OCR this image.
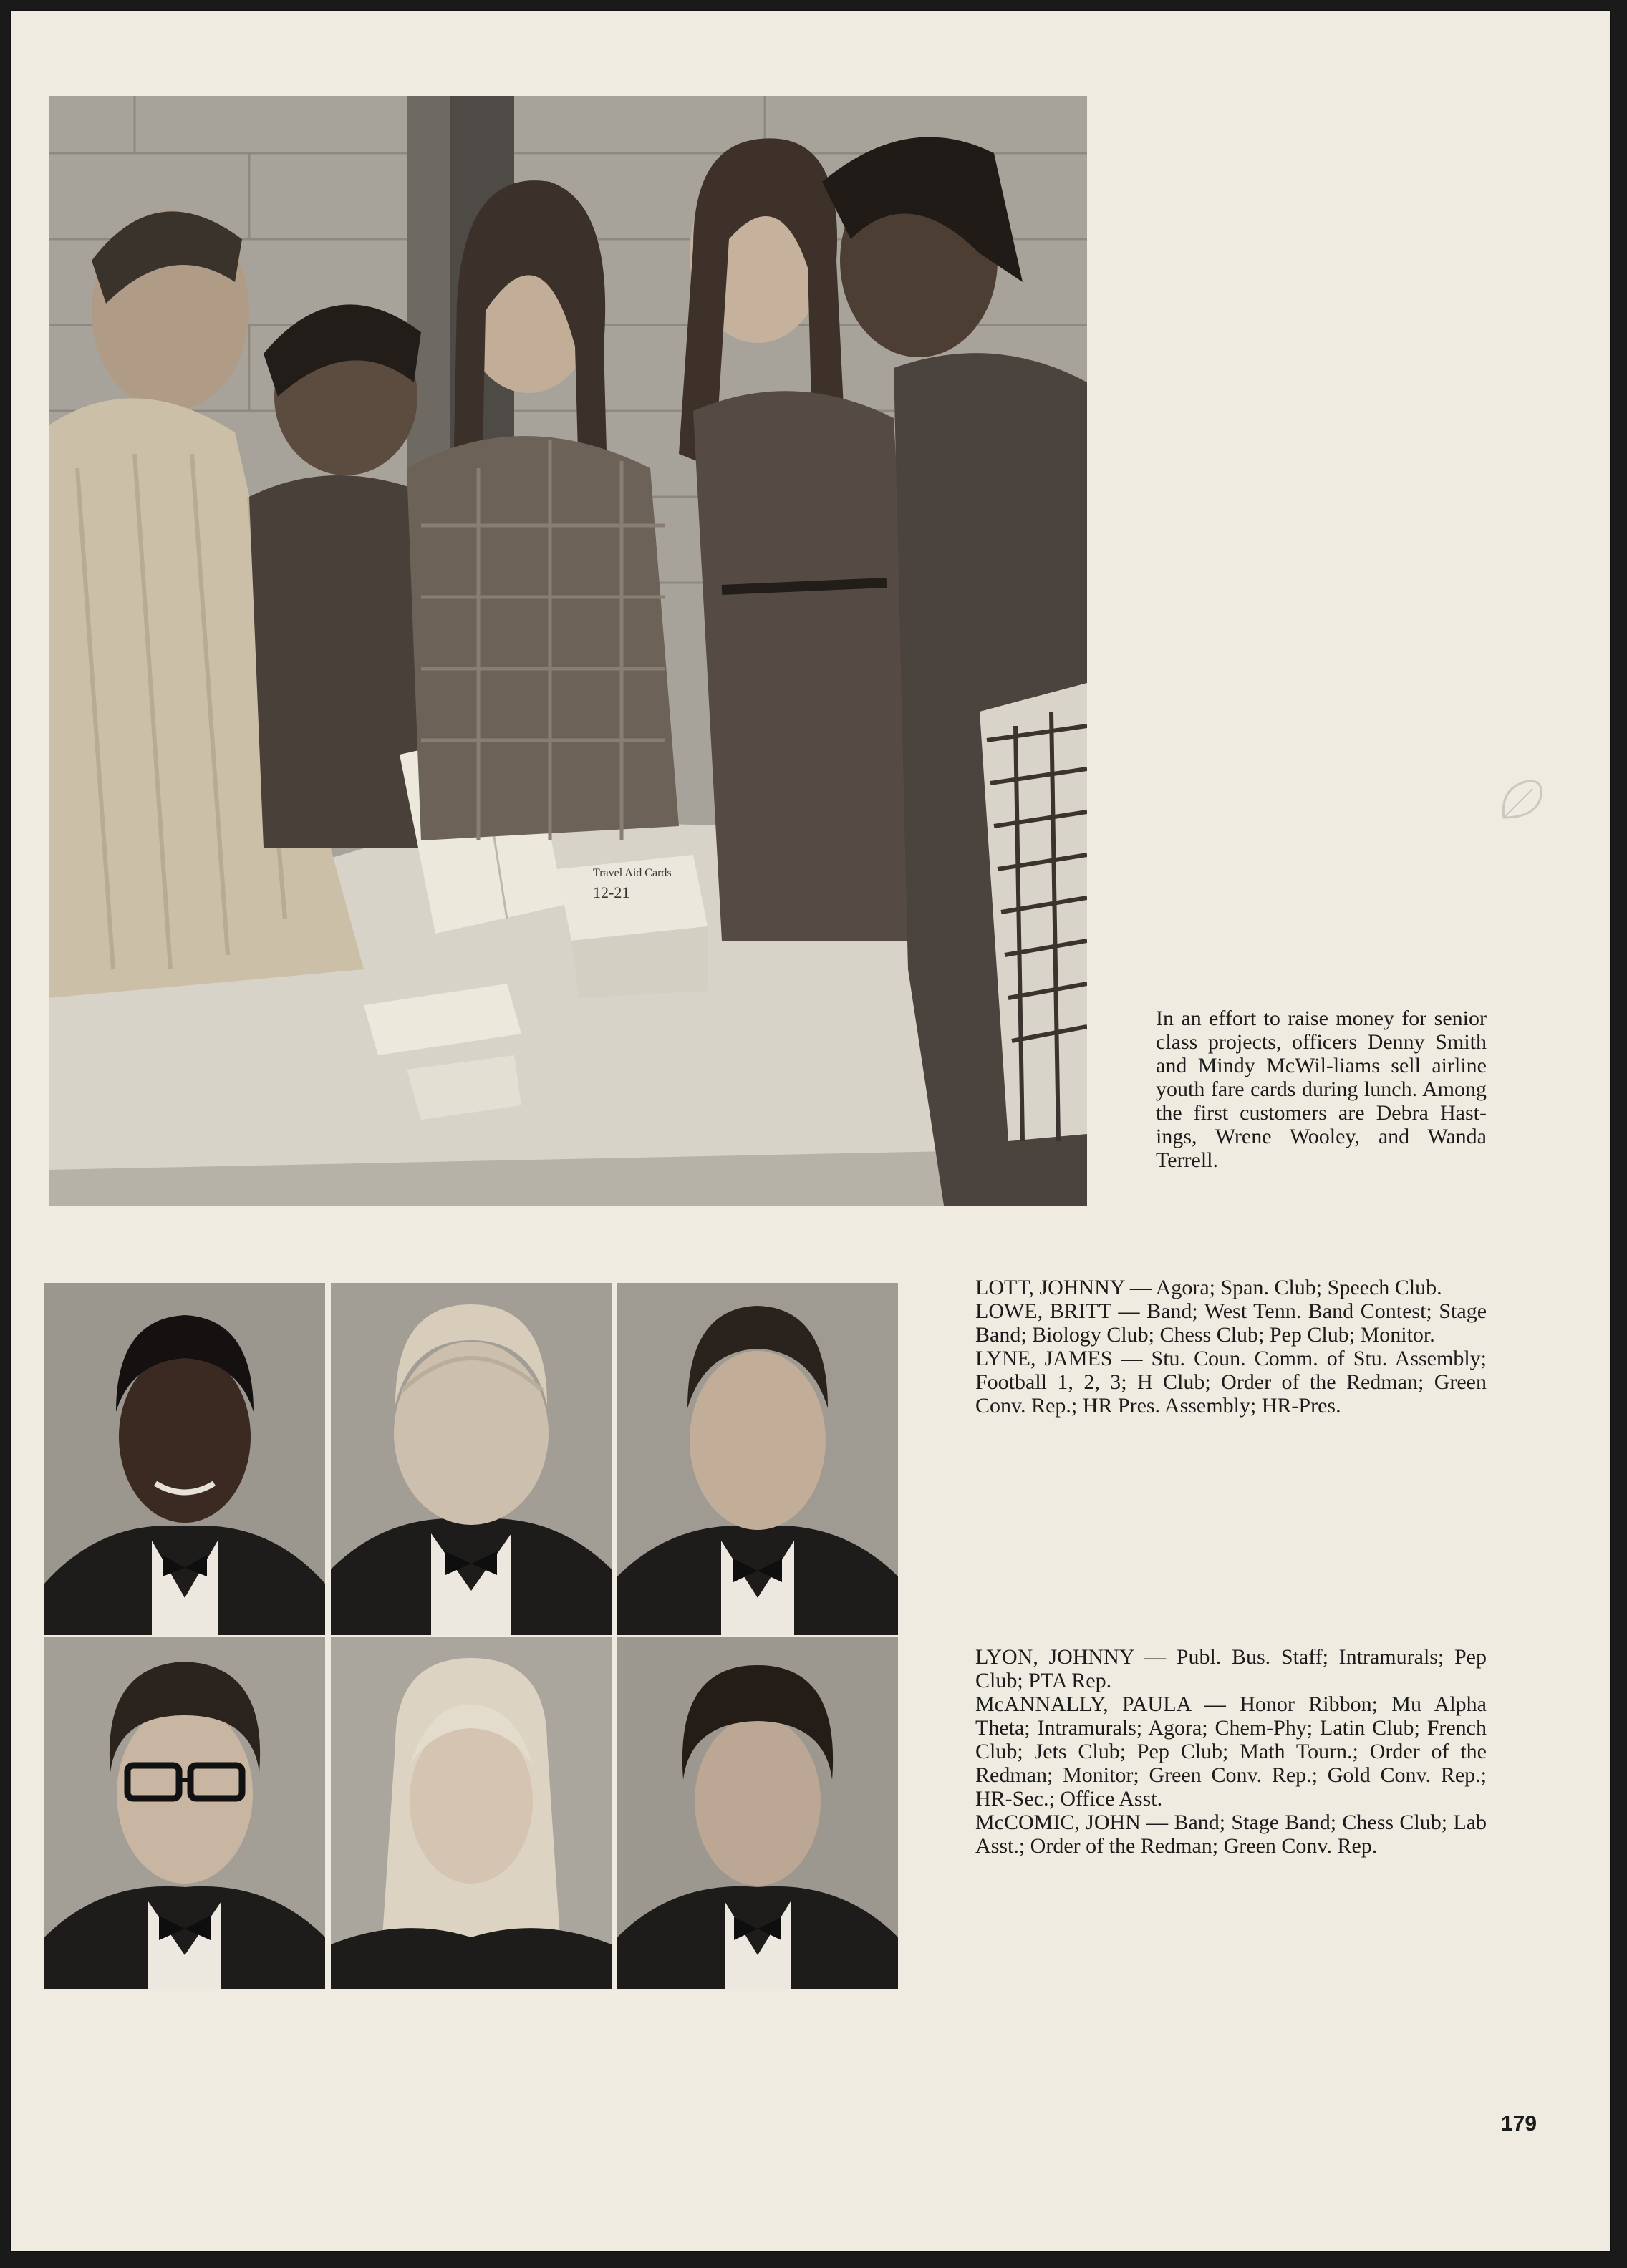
Travel Aid Cards
12-21
In an effort to raise money for senior class projects, officers Denny Smith and Mindy McWil-liams sell airline youth fare cards during lunch. Among the first customers are Debra Hast-ings, Wrene Wooley, and Wanda Terrell.

LOTT, JOHNNY — Agora; Span. Club; Speech Club.

LOWE, BRITT — Band; West Tenn. Band Contest; Stage Band; Biology Club; Chess Club; Pep Club; Monitor.

LYNE, JAMES — Stu. Coun. Comm. of Stu. Assembly; Football 1, 2, 3; H Club; Order of the Redman; Green Conv. Rep.; HR Pres. Assembly; HR-Pres.

LYON, JOHNNY — Publ. Bus. Staff; Intramurals; Pep Club; PTA Rep.

McANNALLY, PAULA — Honor Ribbon; Mu Alpha Theta; Intramurals; Agora; Chem-Phy; Latin Club; French Club; Jets Club; Pep Club; Math Tourn.; Order of the Redman; Monitor; Green Conv. Rep.; Gold Conv. Rep.; HR-Sec.; Office Asst.

McCOMIC, JOHN — Band; Stage Band; Chess Club; Lab Asst.; Order of the Redman; Green Conv. Rep.

179
